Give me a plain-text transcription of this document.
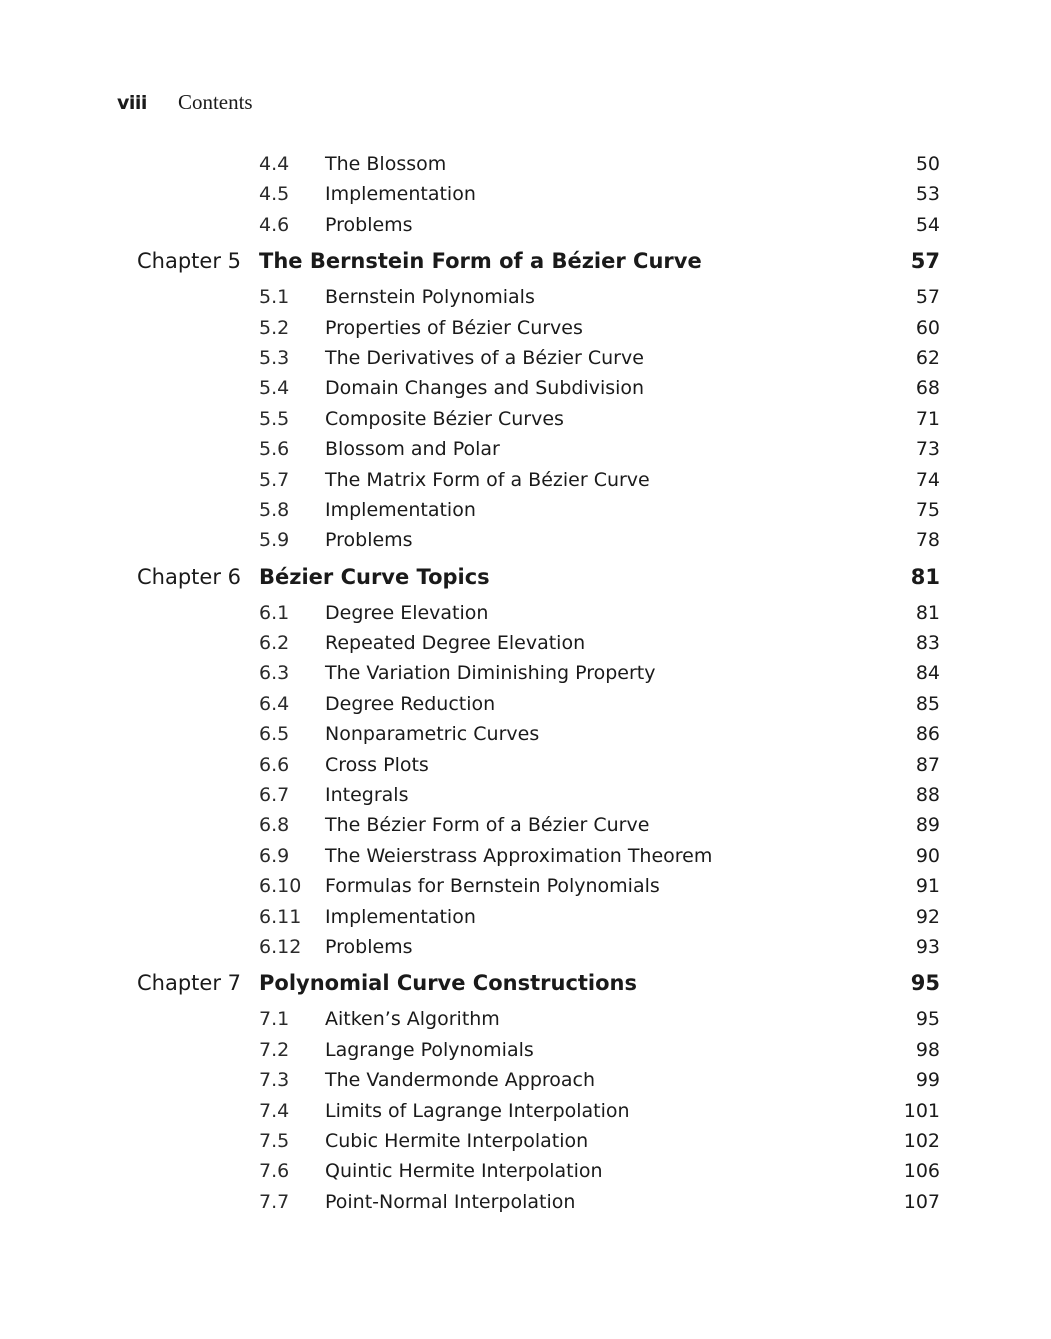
viii Contents
4.4 The Blossom	50
4.5 Implementation	53
4.6 Problems	54
Chapter 5 The Bernstein Form of a Bézier Curve	57
5.1 Bernstein Polynomials	57
5.2 Properties of Bézier Curves	60
5.3 The Derivatives of a Bézier Curve	62
5.4 Domain Changes and Subdivision	68
5.5 Composite Bézier Curves	71
5.6 Blossom and Polar	73
5.7 The Matrix Form of a Bézier Curve	74
5.8 Implementation	75
5.9 Problems	78
Chapter 6 Bézier Curve Topics	81
6.1 Degree Elevation	81
6.2 Repeated Degree Elevation	83
6.3 The Variation Diminishing Property	84
6.4 Degree Reduction	85
6.5 Nonparametric Curves	86
6.6 Cross Plots	87
6.7 Integrals	88
6.8 The Bézier Form of a Bézier Curve	89
6.9 The Weierstrass Approximation Theorem	90
6.10 Formulas for Bernstein Polynomials	91
6.11 Implementation	92
6.12 Problems	93
Chapter 7 Polynomial Curve Constructions	95
7.1 Aitken’s Algorithm	95
7.2 Lagrange Polynomials	98
7.3 The Vandermonde Approach	99
7.4 Limits of Lagrange Interpolation	101
7.5 Cubic Hermite Interpolation	102
7.6 Quintic Hermite Interpolation	106
7.7 Point-Normal Interpolation	107
